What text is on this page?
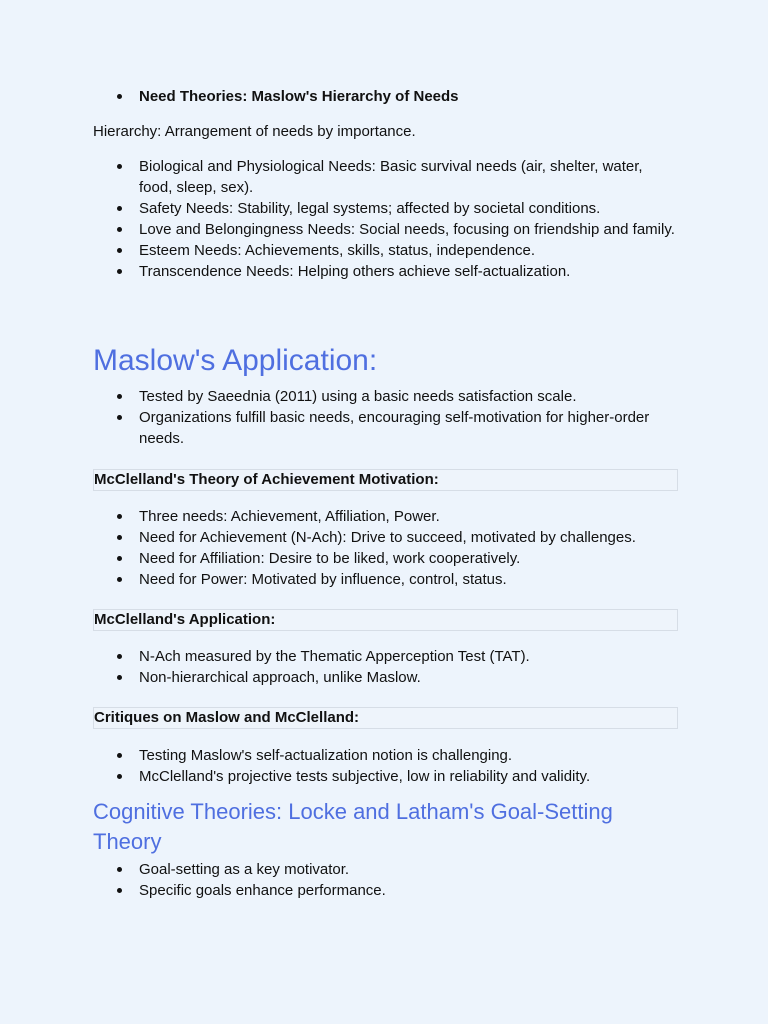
Need Theories: Maslow's Hierarchy of Needs

Hierarchy: Arrangement of needs by importance.

Biological and Physiological Needs: Basic survival needs (air, shelter, water, food, sleep, sex).
Safety Needs: Stability, legal systems; affected by societal conditions.
Love and Belongingness Needs: Social needs, focusing on friendship and family.
Esteem Needs: Achievements, skills, status, independence.
Transcendence Needs: Helping others achieve self-actualization.
Maslow's Application:
Tested by Saeednia (2011) using a basic needs satisfaction scale.
Organizations fulfill basic needs, encouraging self-motivation for higher-order needs.
McClelland's Theory of Achievement Motivation:
Three needs: Achievement, Affiliation, Power.
Need for Achievement (N-Ach): Drive to succeed, motivated by challenges.
Need for Affiliation: Desire to be liked, work cooperatively.
Need for Power: Motivated by influence, control, status.
McClelland's Application:
N-Ach measured by the Thematic Apperception Test (TAT).
Non-hierarchical approach, unlike Maslow.
Critiques on Maslow and McClelland:
Testing Maslow's self-actualization notion is challenging.
McClelland's projective tests subjective, low in reliability and validity.
Cognitive Theories: Locke and Latham's Goal-Setting Theory
Goal-setting as a key motivator.
Specific goals enhance performance.
